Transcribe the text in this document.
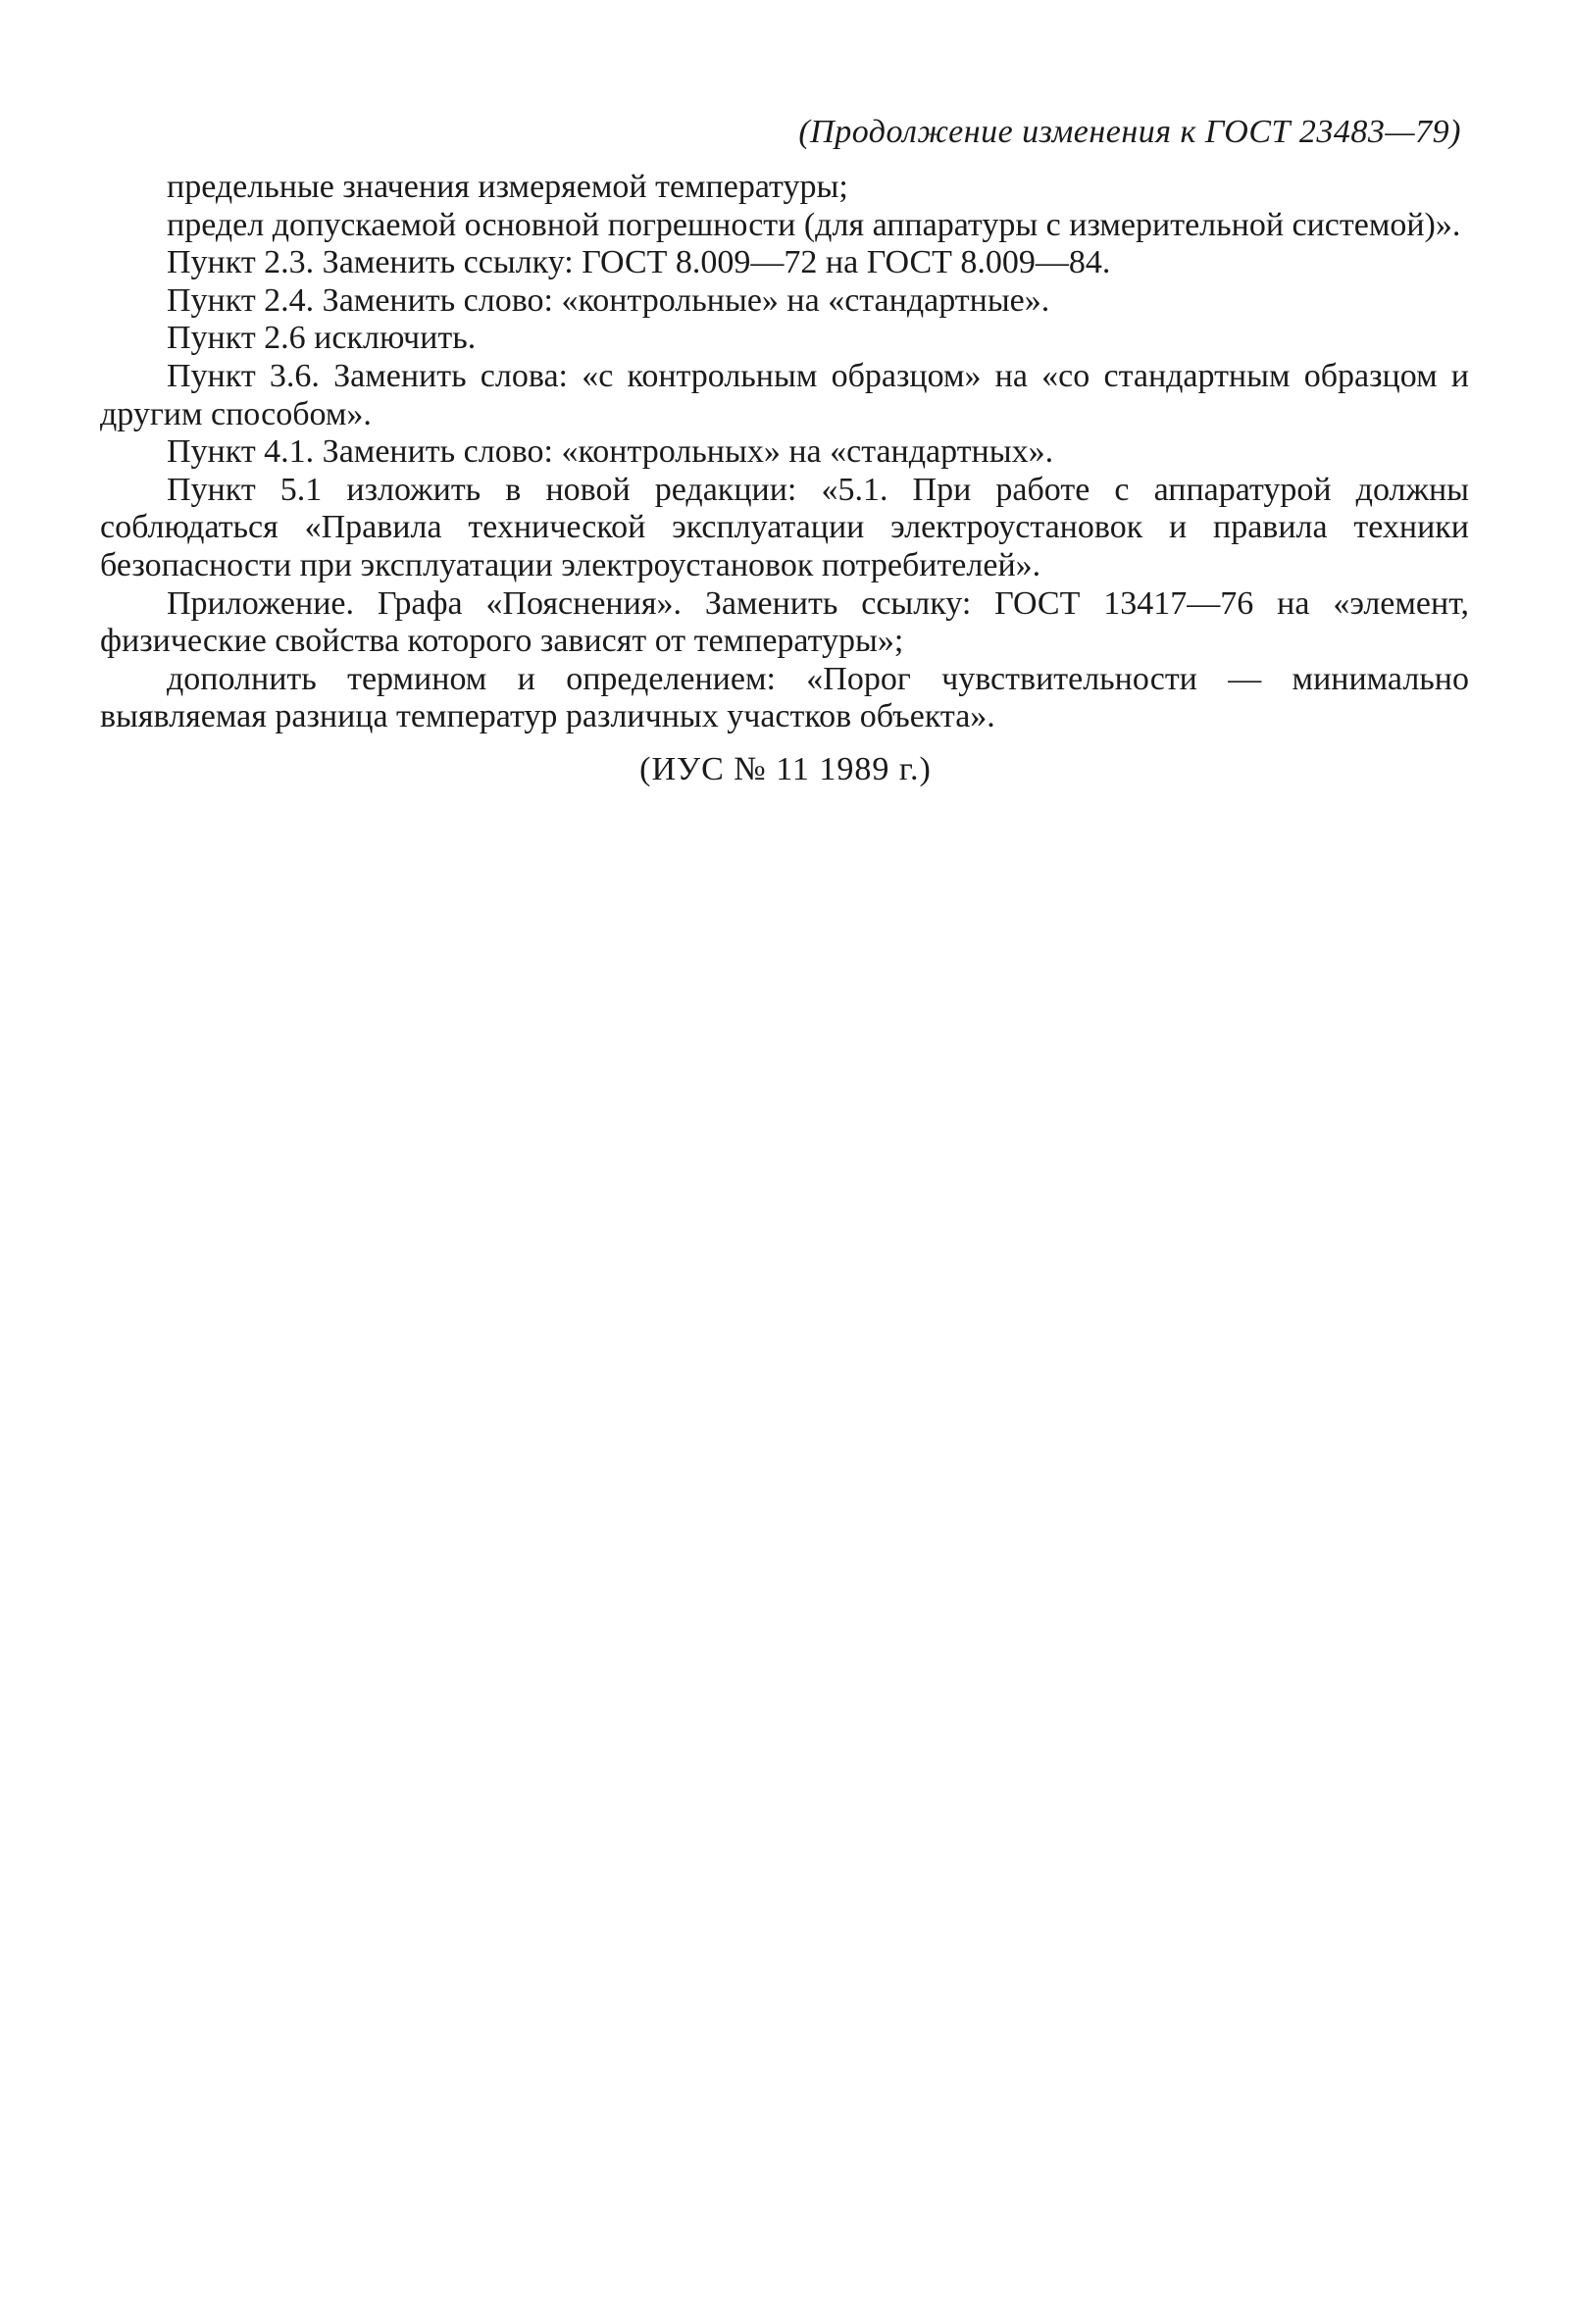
(Продолжение изменения к ГОСТ 23483—79)

предельные значения измеряемой температуры;

предел допускаемой основной погрешности (для аппаратуры с измерительной системой)».

Пункт 2.3. Заменить ссылку: ГОСТ 8.009—72 на ГОСТ 8.009—84.

Пункт 2.4. Заменить слово: «контрольные» на «стандартные».

Пункт 2.6 исключить.

Пункт 3.6. Заменить слова: «с контрольным образцом» на «со стандартным образцом и другим способом».

Пункт 4.1. Заменить слово: «контрольных» на «стандартных».

Пункт 5.1 изложить в новой редакции: «5.1. При работе с аппаратурой должны соблюдаться «Правила технической эксплуатации электроустановок и правила техники безопасности при эксплуатации электроустановок потребителей».

Приложение. Графа «Пояснения». Заменить ссылку: ГОСТ 13417—76 на «элемент, физические свойства которого зависят от температуры»;

дополнить термином и определением: «Порог чувствительности — минимально выявляемая разница температур различных участков объекта».

(ИУС № 11 1989 г.)
